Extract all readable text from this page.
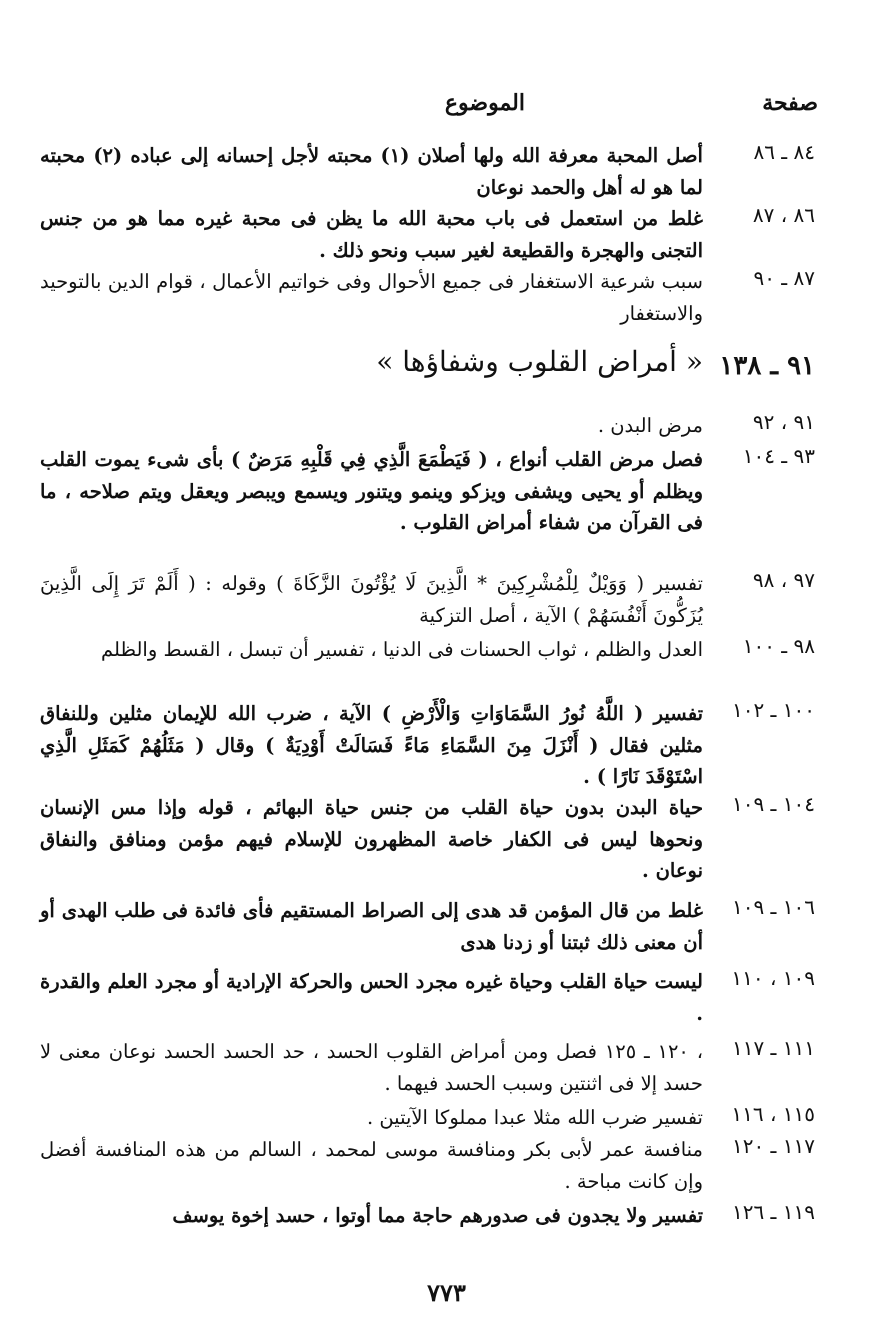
صفحة
الموضوع
٨٤ ـ ٨٦
أصل المحبة معرفة الله ولها أصلان (١) محبته لأجل إحسانه إلى عباده (٢) محبته لما هو له أهل والحمد نوعان
٨٦ ، ٨٧
غلط من استعمل فى باب محبة الله ما يظن فى محبة غيره مما هو من جنس التجنى والهجرة والقطيعة لغير سبب ونحو ذلك .
٨٧ ـ ٩٠
سبب شرعية الاستغفار فى جميع الأحوال وفى خواتيم الأعمال ، قوام الدين بالتوحيد والاستغفار
٩١ ـ ١٣٨
« أمراض القلوب وشفاؤها »
٩١ ، ٩٢
مرض البدن .
٩٣ ـ ١٠٤
فصل مرض القلب أنواع ، ( فَيَطْمَعَ الَّذِي فِي قَلْبِهِ مَرَضٌ ) بأى شىء يموت القلب ويظلم أو يحيى ويشفى ويزكو وينمو ويتنور ويسمع ويبصر ويعقل ويتم صلاحه ، ما فى القرآن من شفاء أمراض القلوب .
٩٧ ، ٩٨
تفسير ( وَوَيْلٌ لِلْمُشْرِكِينَ * الَّذِينَ لَا يُؤْتُونَ الزَّكَاةَ ) وقوله : ( أَلَمْ تَرَ إِلَى الَّذِينَ يُزَكُّونَ أَنْفُسَهُمْ ) الآية ، أصل التزكية
٩٨ ـ ١٠٠
العدل والظلم ، ثواب الحسنات فى الدنيا ، تفسير أن تبسل ، القسط والظلم
١٠٠ ـ ١٠٢
تفسير ( اللَّهُ نُورُ السَّمَاوَاتِ وَالْأَرْضِ ) الآية ، ضرب الله للإيمان مثلين وللنفاق مثلين فقال ( أَنْزَلَ مِنَ السَّمَاءِ مَاءً فَسَالَتْ أَوْدِيَةٌ ) وقال ( مَثَلُهُمْ كَمَثَلِ الَّذِي اسْتَوْقَدَ نَارًا ) .
١٠٤ ـ ١٠٩
حياة البدن بدون حياة القلب من جنس حياة البهائم ، قوله وإذا مس الإنسان ونحوها ليس فى الكفار خاصة المظهرون للإسلام فيهم مؤمن ومنافق والنفاق نوعان .
١٠٦ ـ ١٠٩
غلط من قال المؤمن قد هدى إلى الصراط المستقيم فأى فائدة فى طلب الهدى أو أن معنى ذلك ثبتنا أو زدنا هدى
١٠٩ ، ١١٠
ليست حياة القلب وحياة غيره مجرد الحس والحركة الإرادية أو مجرد العلم والقدرة .
١١١ ـ ١١٧
، ١٢٠ ـ ١٢٥ فصل ومن أمراض القلوب الحسد ، حد الحسد الحسد نوعان معنى لا حسد إلا فى اثنتين وسبب الحسد فيهما .
١١٥ ، ١١٦
تفسير ضرب الله مثلا عبدا مملوكا الآيتين .
١١٧ ـ ١٢٠
منافسة عمر لأبى بكر ومنافسة موسى لمحمد ، السالم من هذه المنافسة أفضل وإن كانت مباحة .
١١٩ ـ ١٢٦
تفسير ولا يجدون فى صدورهم حاجة مما أوتوا ، حسد إخوة يوسف
٧٧٣
